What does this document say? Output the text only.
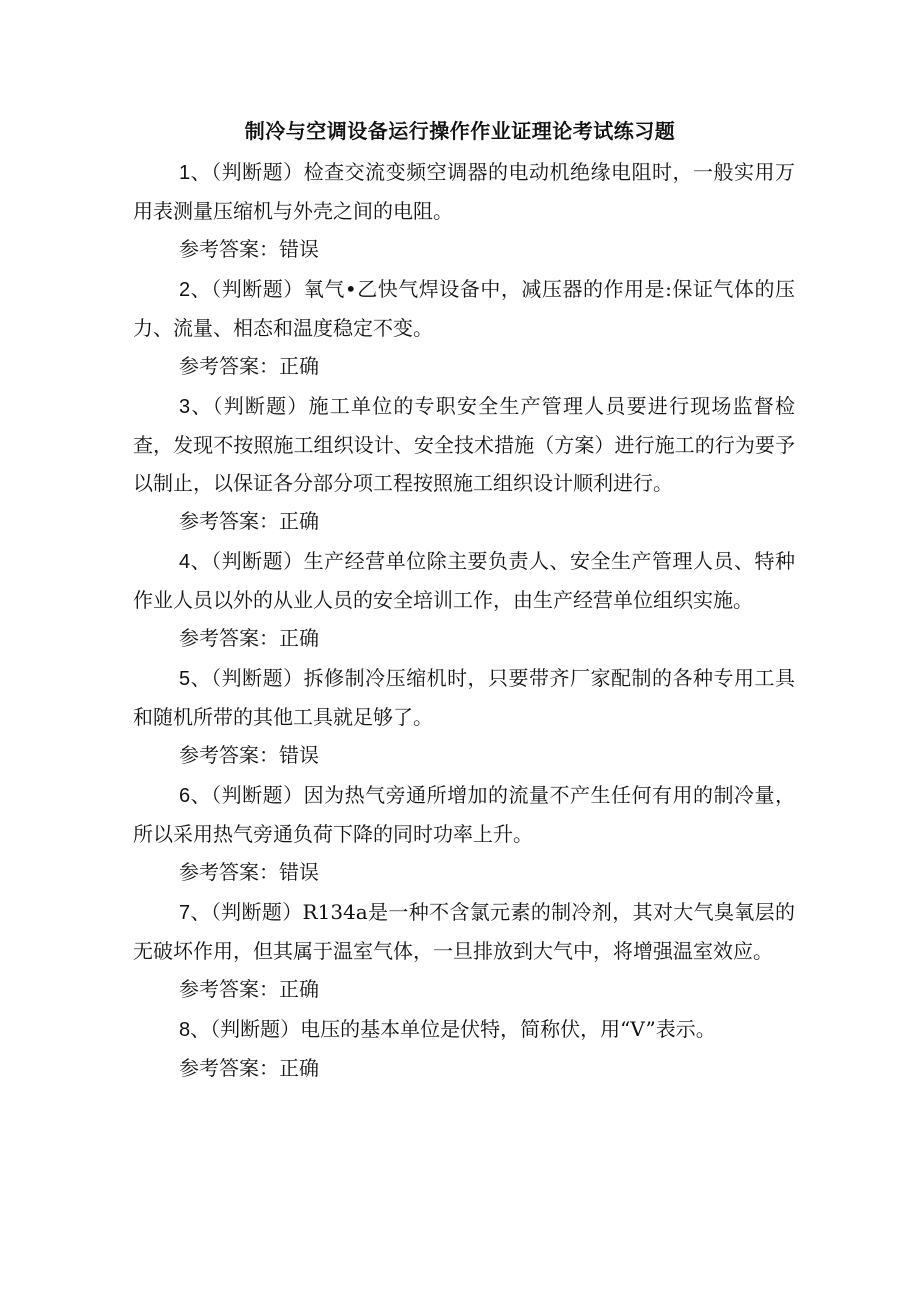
制冷与空调设备运行操作作业证理论考试练习题

1、（判断题）检查交流变频空调器的电动机绝缘电阻时，一般实用万用表测量压缩机与外壳之间的电阻。

参考答案：错误

2、（判断题）氧气•乙快气焊设备中，减压器的作用是:保证气体的压力、流量、相态和温度稳定不变。

参考答案：正确

3、（判断题）施工单位的专职安全生产管理人员要进行现场监督检查，发现不按照施工组织设计、安全技术措施（方案）进行施工的行为要予以制止，以保证各分部分项工程按照施工组织设计顺利进行。

参考答案：正确

4、（判断题）生产经营单位除主要负责人、安全生产管理人员、特种作业人员以外的从业人员的安全培训工作，由生产经营单位组织实施。

参考答案：正确

5、（判断题）拆修制冷压缩机时，只要带齐厂家配制的各种专用工具和随机所带的其他工具就足够了。

参考答案：错误

6、（判断题）因为热气旁通所增加的流量不产生任何有用的制冷量，所以采用热气旁通负荷下降的同时功率上升。

参考答案：错误

7、（判断题）R134a是一种不含氯元素的制冷剂，其对大气臭氧层的无破坏作用，但其属于温室气体，一旦排放到大气中，将增强温室效应。

参考答案：正确

8、（判断题）电压的基本单位是伏特，简称伏，用“V”表示。

参考答案：正确
